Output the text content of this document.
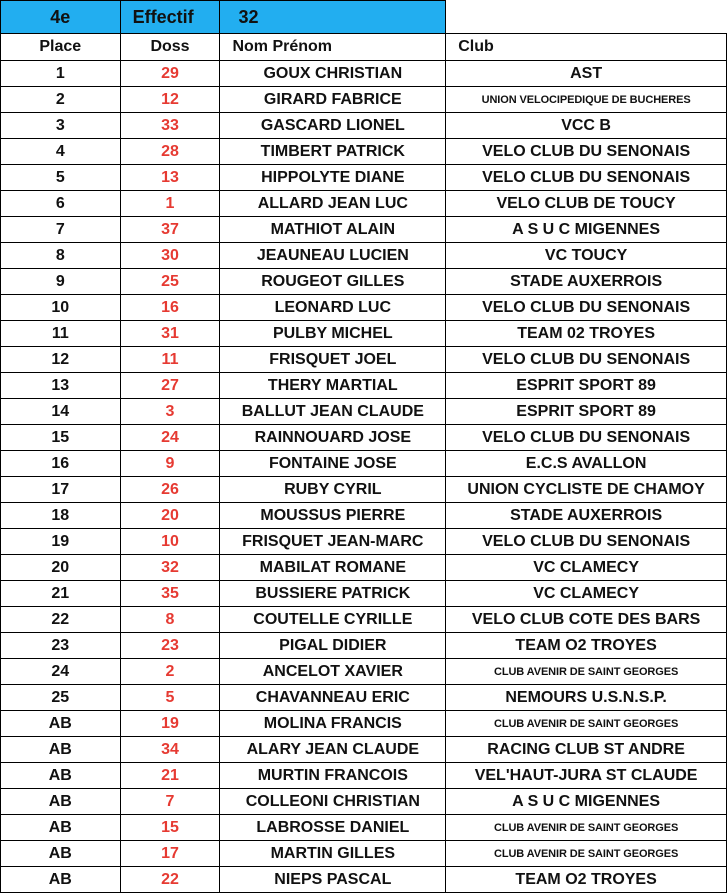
4e	Effectif	32	
Place	Doss	Nom Prénom	Club
1	29	GOUX CHRISTIAN	AST
2	12	GIRARD FABRICE	UNION VELOCIPEDIQUE DE BUCHERES
3	33	GASCARD LIONEL	VCC B
4	28	TIMBERT PATRICK	VELO CLUB DU SENONAIS
5	13	HIPPOLYTE DIANE	VELO CLUB DU SENONAIS
6	1	ALLARD JEAN LUC	VELO CLUB DE TOUCY
7	37	MATHIOT ALAIN	A S U C MIGENNES
8	30	JEAUNEAU LUCIEN	VC TOUCY
9	25	ROUGEOT GILLES	STADE AUXERROIS
10	16	LEONARD LUC	VELO CLUB DU SENONAIS
11	31	PULBY MICHEL	TEAM 02 TROYES
12	11	FRISQUET JOEL	VELO CLUB DU SENONAIS
13	27	THERY MARTIAL	ESPRIT SPORT 89
14	3	BALLUT JEAN CLAUDE	ESPRIT SPORT 89
15	24	RAINNOUARD JOSE	VELO CLUB DU SENONAIS
16	9	FONTAINE JOSE	E.C.S AVALLON
17	26	RUBY CYRIL	UNION CYCLISTE DE CHAMOY
18	20	MOUSSUS PIERRE	STADE AUXERROIS
19	10	FRISQUET JEAN-MARC	VELO CLUB DU SENONAIS
20	32	MABILAT ROMANE	VC CLAMECY
21	35	BUSSIERE PATRICK	VC CLAMECY
22	8	COUTELLE CYRILLE	VELO CLUB COTE DES BARS
23	23	PIGAL DIDIER	TEAM O2 TROYES
24	2	ANCELOT XAVIER	CLUB AVENIR DE SAINT GEORGES
25	5	CHAVANNEAU ERIC	NEMOURS U.S.N.S.P.
AB	19	MOLINA FRANCIS	CLUB AVENIR DE SAINT GEORGES
AB	34	ALARY JEAN CLAUDE	RACING CLUB ST ANDRE
AB	21	MURTIN FRANCOIS	VEL'HAUT-JURA ST CLAUDE
AB	7	COLLEONI CHRISTIAN	A S U C MIGENNES
AB	15	LABROSSE DANIEL	CLUB AVENIR DE SAINT GEORGES
AB	17	MARTIN GILLES	CLUB AVENIR DE SAINT GEORGES
AB	22	NIEPS PASCAL	TEAM O2 TROYES
